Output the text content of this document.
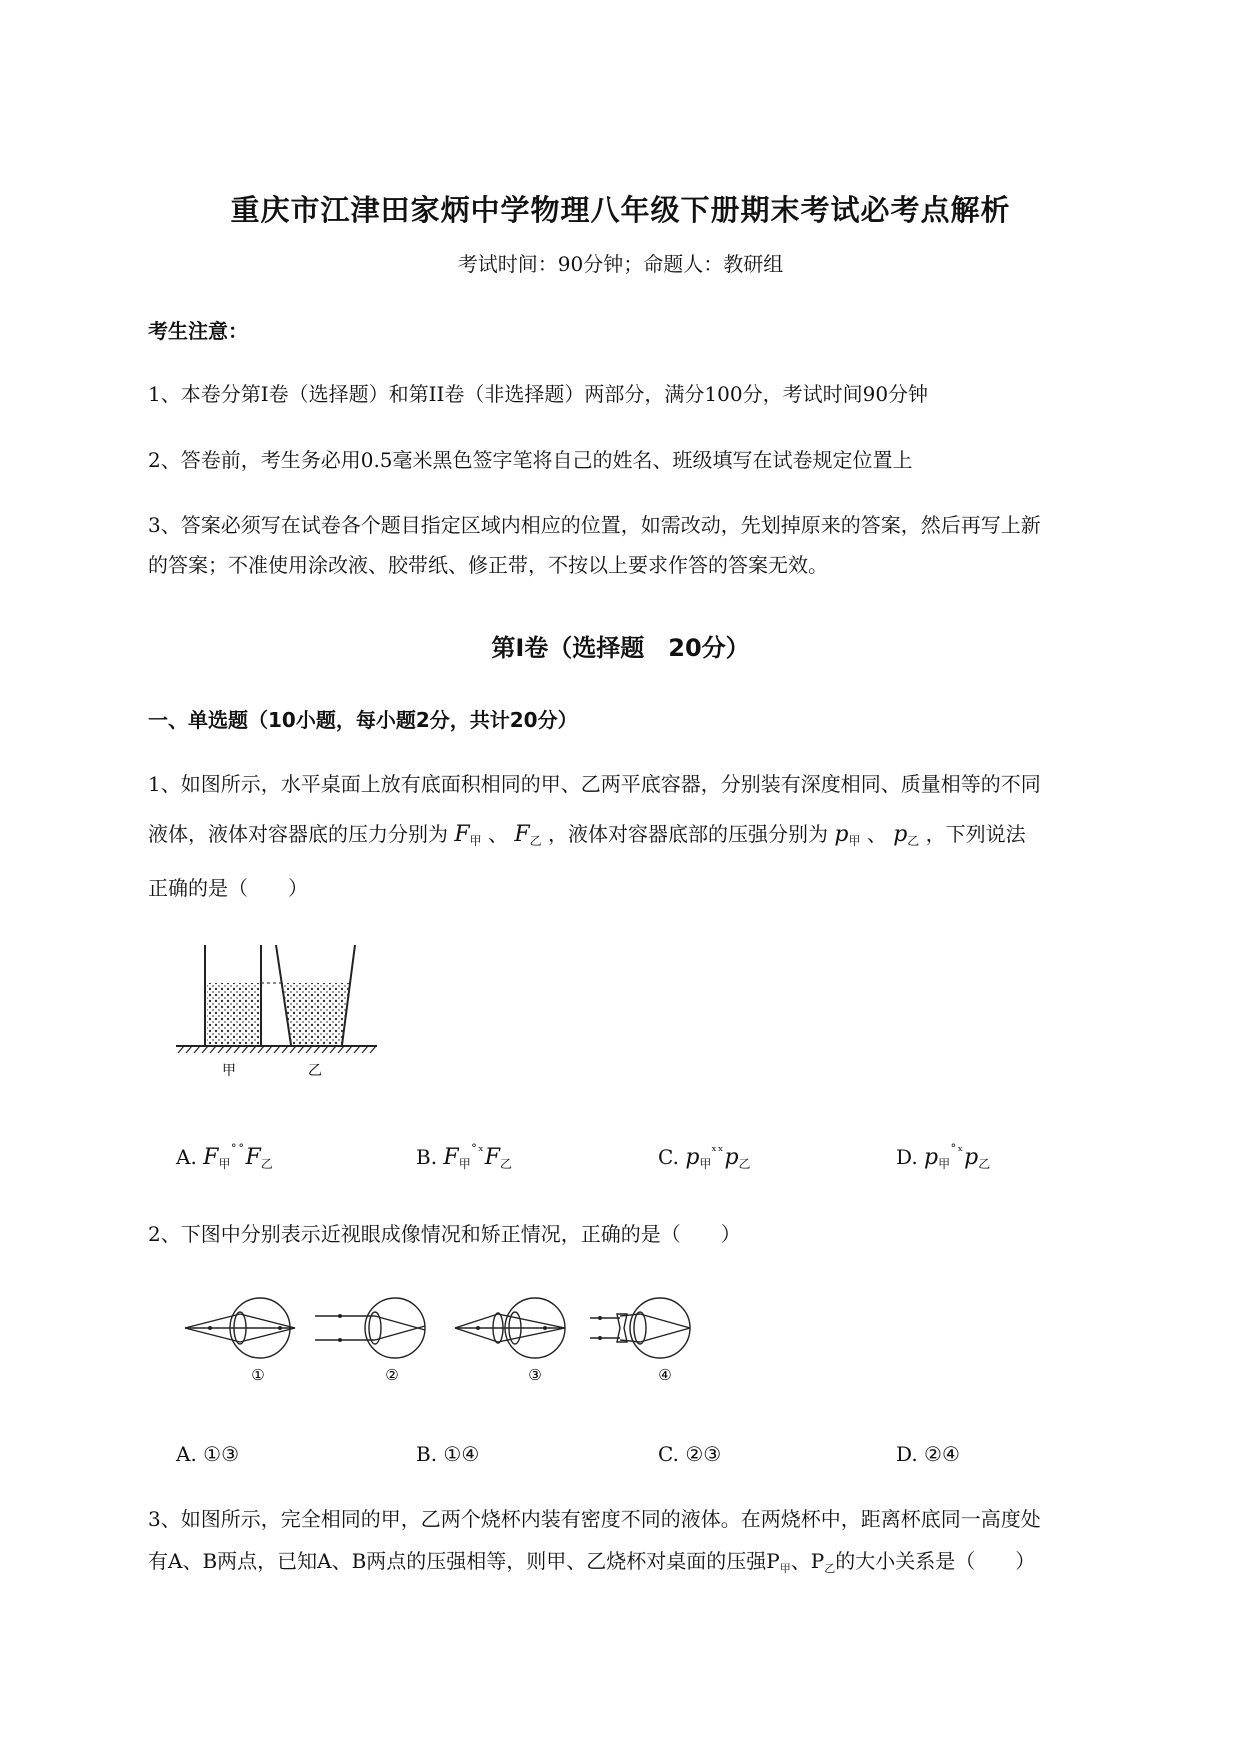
重庆市江津田家炳中学物理八年级下册期末考试必考点解析
考试时间：90分钟；命题人：教研组
考生注意：
1、本卷分第I卷（选择题）和第II卷（非选择题）两部分，满分100分，考试时间90分钟
2、答卷前，考生务必用0.5毫米黑色签字笔将自己的姓名、班级填写在试卷规定位置上
3、答案必须写在试卷各个题目指定区域内相应的位置，如需改动，先划掉原来的答案，然后再写上新
的答案；不准使用涂改液、胶带纸、修正带，不按以上要求作答的答案无效。
第I卷（选择题　20分）
一、单选题（10小题，每小题2分，共计20分）
1、如图所示，水平桌面上放有底面积相同的甲、乙两平底容器，分别装有深度相同、质量相等的不同
液体，液体对容器底的压力分别为 $F_甲$ 、 $F_乙$ ，液体对容器底部的压强分别为 $p_甲$ 、 $p_乙$ ，下列说法
正确的是（　　）
甲	乙
A. $F_甲^{˚˚}F_乙$	B. $F_甲^{˚ˣ}F_乙$	C. $p_甲^{ˣˣ}p_乙$	D. $p_甲^{˚ˣ}p_乙$
2、下图中分别表示近视眼成像情况和矫正情况，正确的是（　　）
①	②	③	④
A. ①③	B. ①④	C. ②③	D. ②④
3、如图所示，完全相同的甲，乙两个烧杯内装有密度不同的液体。在两烧杯中，距离杯底同一高度处
有A、B两点，已知A、B两点的压强相等，则甲、乙烧杯对桌面的压强$P_甲$、$P_乙$的大小关系是（　　）
